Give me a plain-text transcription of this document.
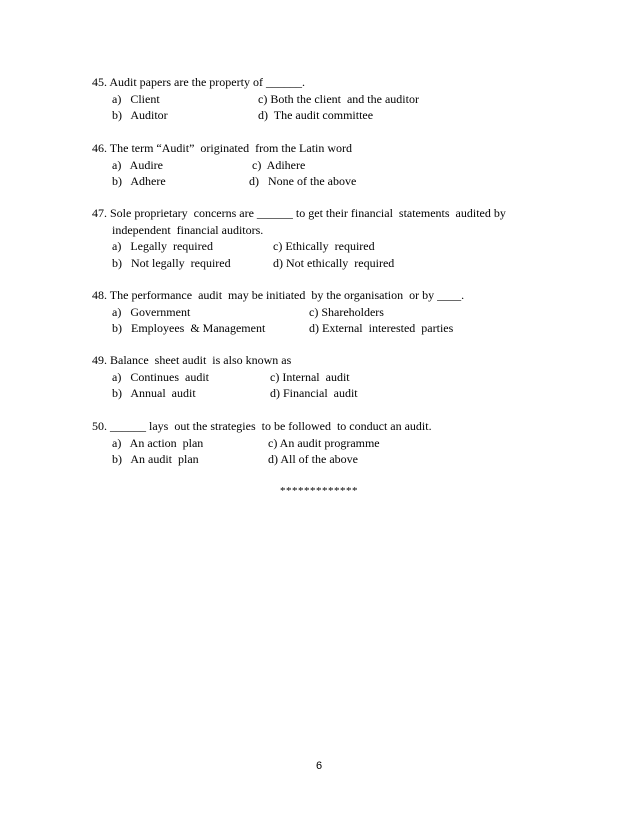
45. Audit papers are the property of ______.
a)   Client	c) Both the client  and the auditor
b)   Auditor	d)  The audit committee
46. The term “Audit”  originated  from the Latin word
a)   Audire	c)  Adihere
b)   Adhere	d)   None of the above
47. Sole proprietary  concerns are ______ to get their financial  statements  audited by
independent  financial auditors.
a)   Legally  required	c) Ethically  required
b)   Not legally  required	d) Not ethically  required
48. The performance  audit  may be initiated  by the organisation  or by ____.
a)   Government	c) Shareholders
b)   Employees  & Management	d) External  interested  parties
49. Balance  sheet audit  is also known as
a)   Continues  audit	c) Internal  audit
b)   Annual  audit	d) Financial  audit
50. ______ lays  out the strategies  to be followed  to conduct an audit.
a)   An action  plan	c) An audit programme
b)   An audit  plan	d) All of the above
*************
6
